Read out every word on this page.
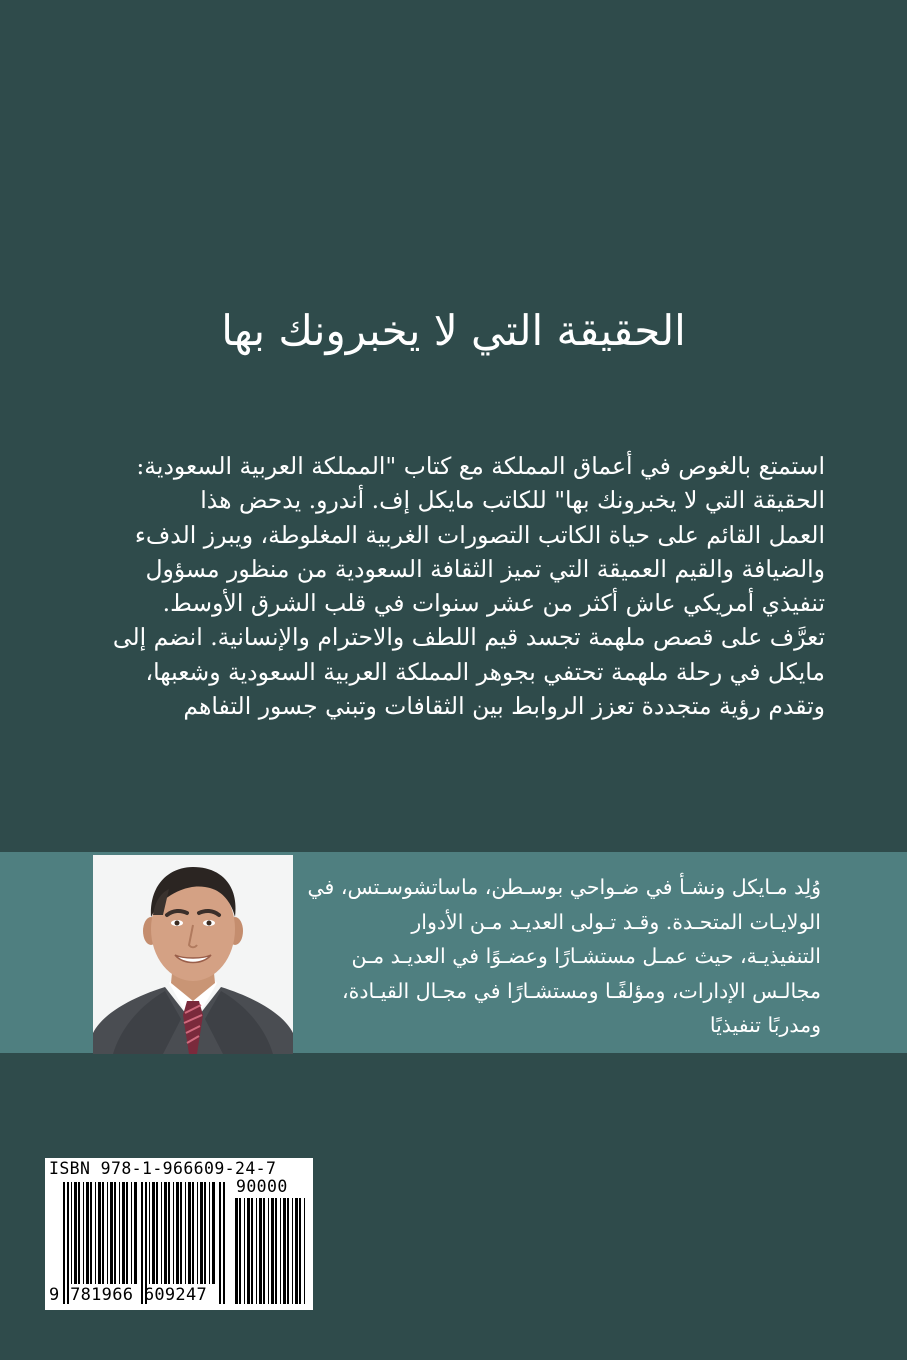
الحقيقة التي لا يخبرونك بها
استمتع بالغوص في أعماق المملكة مع كتاب "المملكة العربية السعودية:
الحقيقة التي لا يخبرونك بها" للكاتب مايكل إف. أندرو. يدحض هذا
العمل القائم على حياة الكاتب التصورات الغربية المغلوطة، ويبرز الدفء
والضيافة والقيم العميقة التي تميز الثقافة السعودية من منظور مسؤول
تنفيذي أمريكي عاش أكثر من عشر سنوات في قلب الشرق الأوسط.
تعرَّف على قصص ملهمة تجسد قيم اللطف والاحترام والإنسانية. انضم إلى
مايكل في رحلة ملهمة تحتفي بجوهر المملكة العربية السعودية وشعبها،
وتقدم رؤية متجددة تعزز الروابط بين الثقافات وتبني جسور التفاهم
وُلِد مـايكل ونشـأ في ضـواحي بوسـطن، ماساتشوسـتس، في
الولايـات المتحـدة. وقـد تـولى العديـد مـن الأدوار
التنفيذيـة، حيث عمـل مستشـارًا وعضـوًا في العديـد مـن
مجالـس الإدارات، ومؤلفًـا ومستشـارًا في مجـال القيـادة،
ومدربًا تنفيذيًا
ISBN 978-1-966609-24-7
90000
9 781966 609247
